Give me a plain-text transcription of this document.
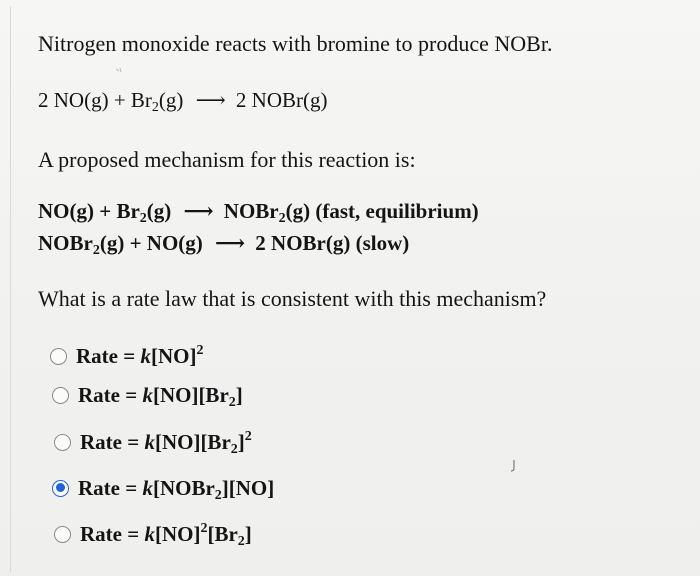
Nitrogen monoxide reacts with bromine to produce NOBr.
2 $NO(g) + Br_2(g)$ ⟶ 2 NOBr(g)
A proposed mechanism for this reaction is:
$NO(g) + Br_2(g)$ ⟶ NOBr$_2$(g) (fast, equilibrium)
NOBr$_2$(g) + NO(g) ⟶ 2 NOBr(g) (slow)
What is a rate law that is consistent with this mechanism?
Rate = k[NO]$^2$
Rate = $k[NO][Br_2]$
Rate = $k[NO][Br_2]^2$
Rate = k[NOBr$_2$][NO]
Rate = $k[NO]^2[Br_2]$
